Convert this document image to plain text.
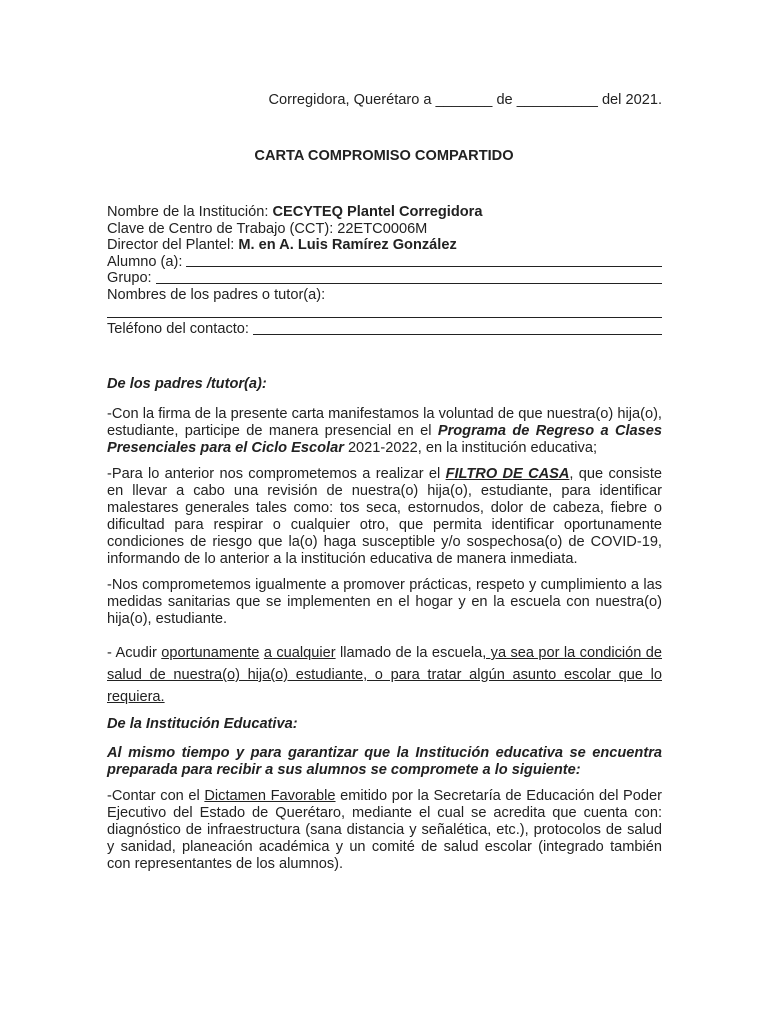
Corregidora, Querétaro a _______ de __________ del 2021.
CARTA COMPROMISO COMPARTIDO
Nombre de la Institución: CECYTEQ Plantel Corregidora
Clave de Centro de Trabajo (CCT): 22ETC0006M
Director del Plantel: M. en A. Luis Ramírez González
Alumno (a):
Grupo:
Nombres de los padres o tutor(a):
Teléfono del contacto:
De los padres /tutor(a):

-Con la firma de la presente carta manifestamos la voluntad de que nuestra(o) hija(o), estudiante, participe de manera presencial en el Programa de Regreso a Clases Presenciales para el Ciclo Escolar 2021-2022, en la institución educativa;

-Para lo anterior nos comprometemos a realizar el FILTRO DE CASA, que consiste en llevar a cabo una revisión de nuestra(o) hija(o), estudiante, para identificar malestares generales tales como: tos seca, estornudos, dolor de cabeza, fiebre o dificultad para respirar o cualquier otro, que permita identificar oportunamente condiciones de riesgo que la(o) haga susceptible y/o sospechosa(o) de COVID-19, informando de lo anterior a la institución educativa de manera inmediata.

-Nos comprometemos igualmente a promover prácticas, respeto y cumplimiento a las medidas sanitarias que se implementen en el hogar y en la escuela con nuestra(o) hija(o), estudiante.

- Acudir oportunamente a cualquier llamado de la escuela, ya sea por la condición de salud de nuestra(o) hija(o) estudiante, o para tratar algún asunto escolar que lo requiera.

De la Institución Educativa:

Al mismo tiempo y para garantizar que la Institución educativa se encuentra preparada para recibir a sus alumnos se compromete a lo siguiente:

-Contar con el Dictamen Favorable emitido por la Secretaría de Educación del Poder Ejecutivo del Estado de Querétaro, mediante el cual se acredita que cuenta con: diagnóstico de infraestructura (sana distancia y señalética, etc.), protocolos de salud y sanidad, planeación académica y un comité de salud escolar (integrado también con representantes de los alumnos).
